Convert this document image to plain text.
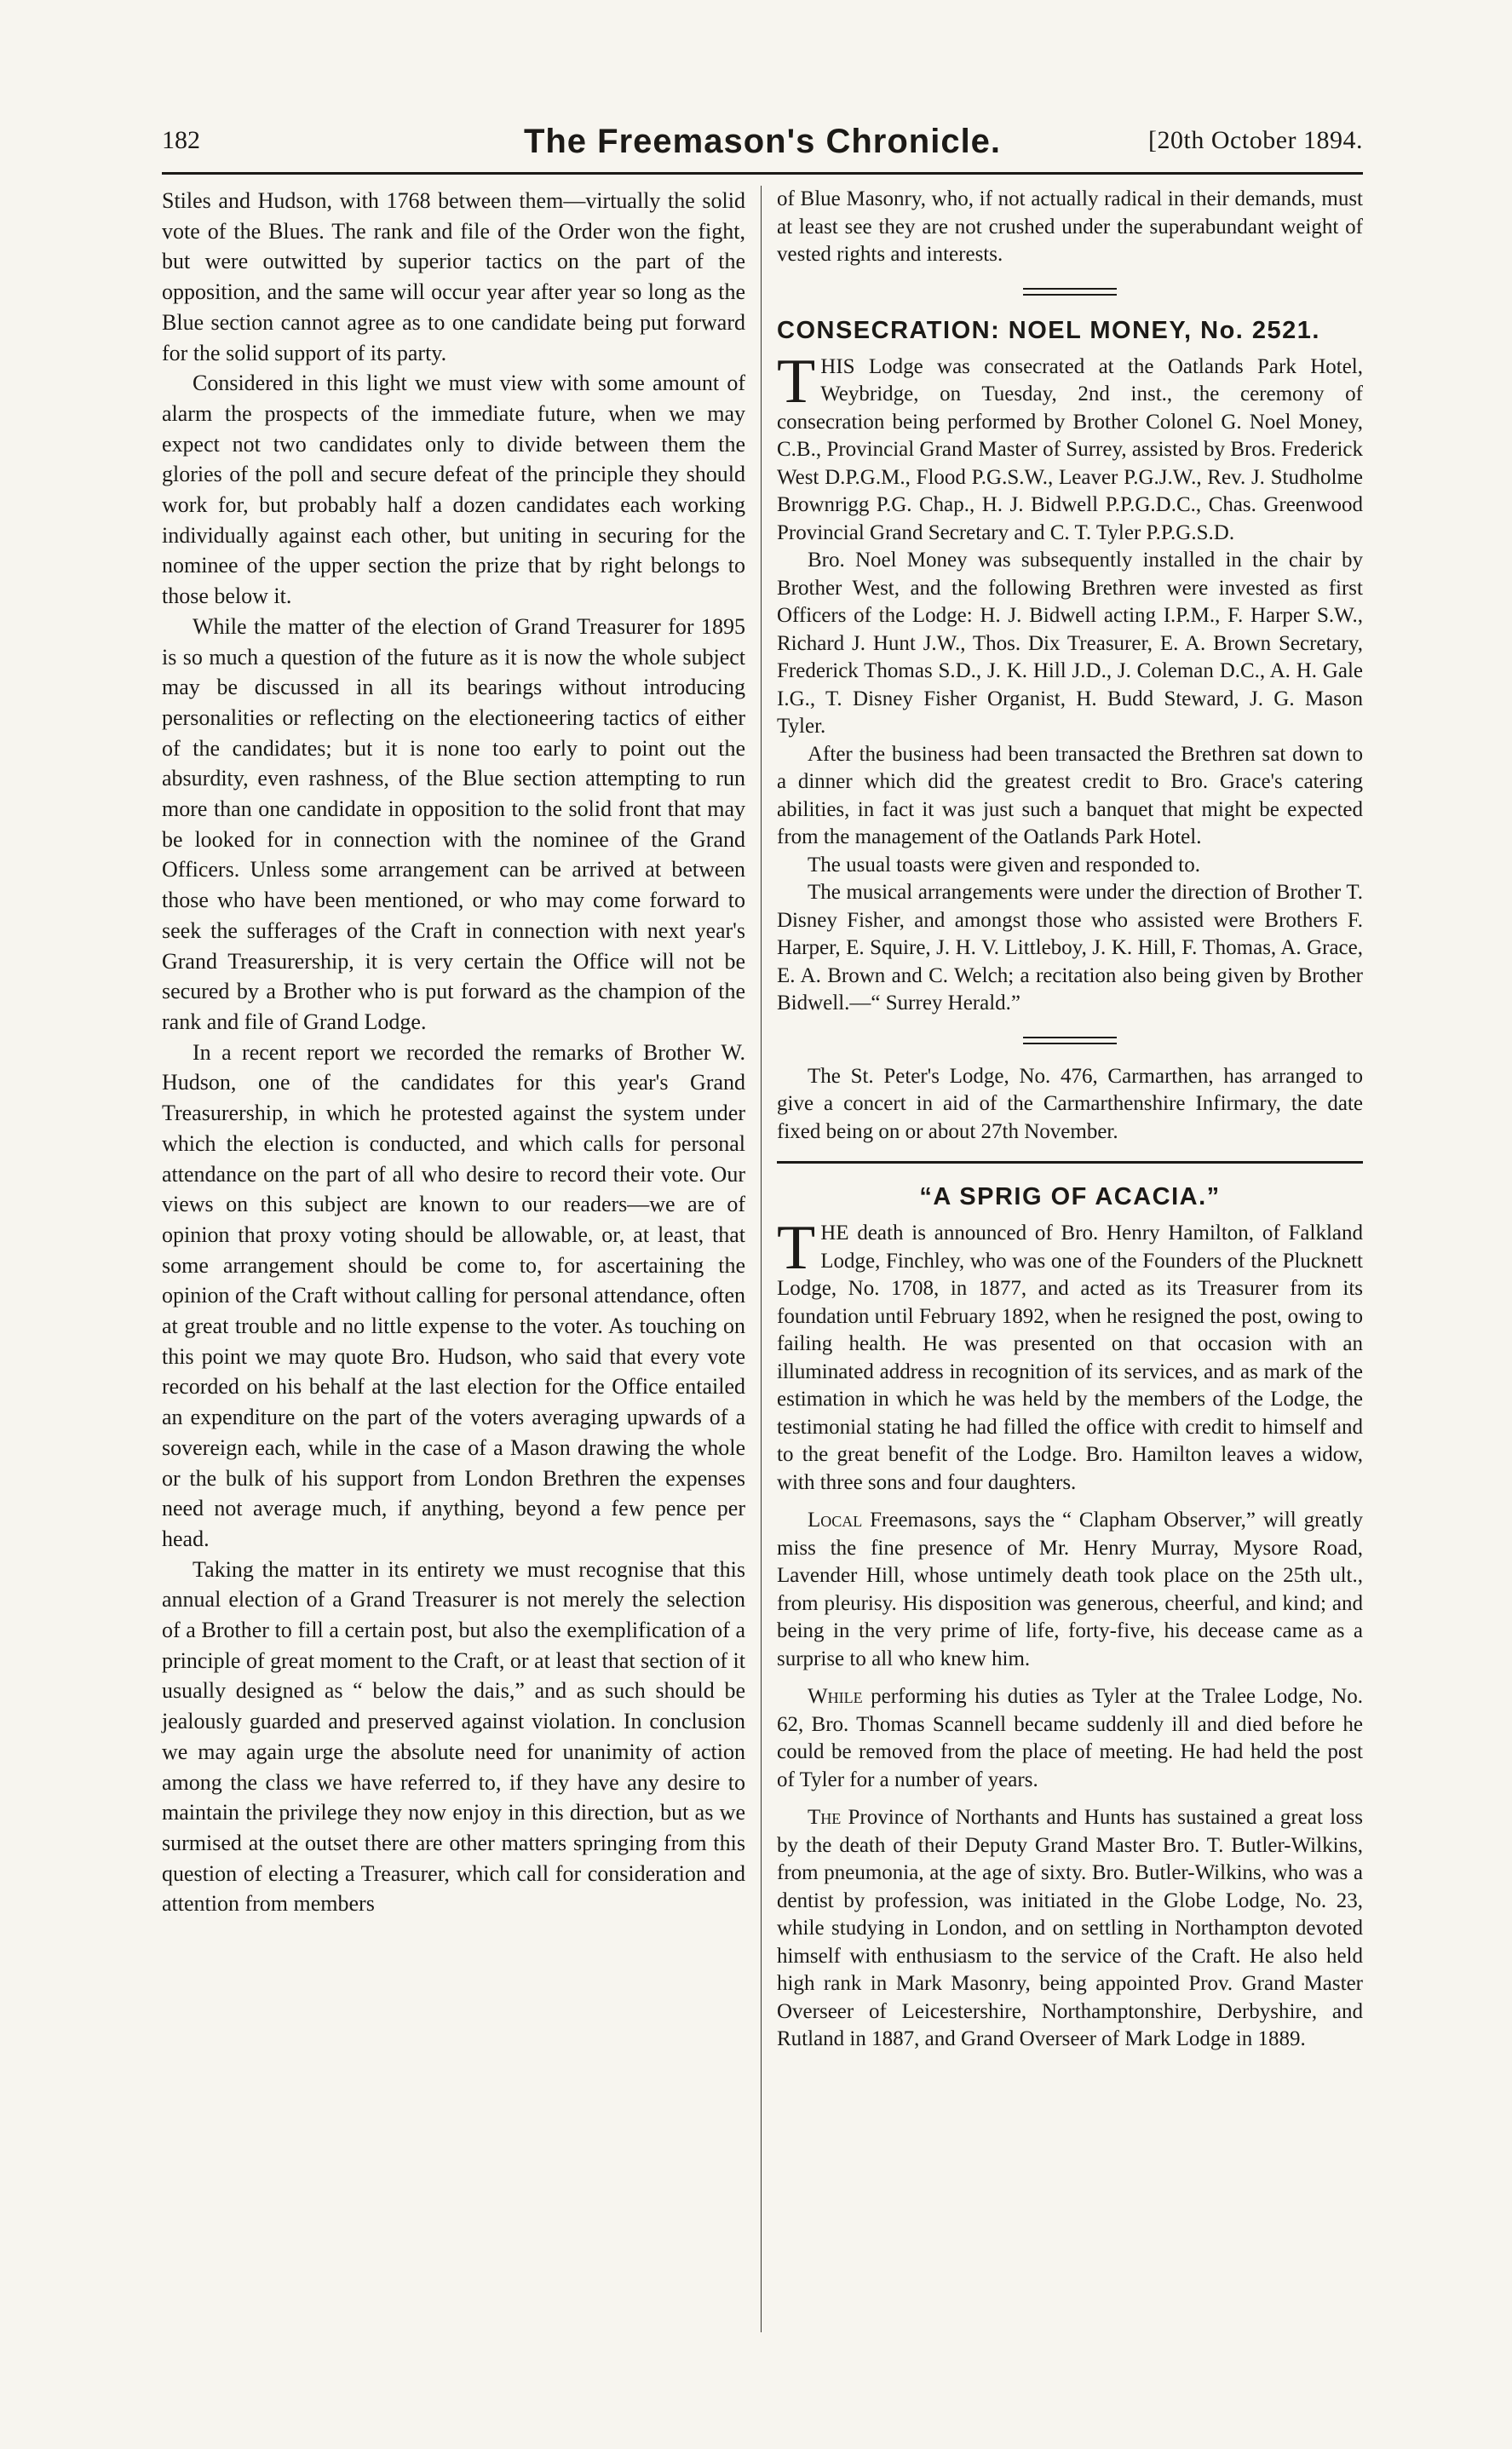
182	The Freemason's Chronicle.	[20th October 1894.

Stiles and Hudson, with 1768 between them—virtually the solid vote of the Blues. The rank and file of the Order won the fight, but were outwitted by superior tactics on the part of the opposition, and the same will occur year after year so long as the Blue section cannot agree as to one candidate being put forward for the solid support of its party.

Considered in this light we must view with some amount of alarm the prospects of the immediate future, when we may expect not two candidates only to divide between them the glories of the poll and secure defeat of the principle they should work for, but probably half a dozen candidates each working individually against each other, but uniting in securing for the nominee of the upper section the prize that by right belongs to those below it.

While the matter of the election of Grand Treasurer for 1895 is so much a question of the future as it is now the whole subject may be discussed in all its bearings without introducing personalities or reflecting on the electioneering tactics of either of the candidates; but it is none too early to point out the absurdity, even rashness, of the Blue section attempting to run more than one candidate in opposition to the solid front that may be looked for in connection with the nominee of the Grand Officers. Unless some arrangement can be arrived at between those who have been mentioned, or who may come forward to seek the sufferages of the Craft in connection with next year's Grand Treasurership, it is very certain the Office will not be secured by a Brother who is put forward as the champion of the rank and file of Grand Lodge.

In a recent report we recorded the remarks of Brother W. Hudson, one of the candidates for this year's Grand Treasurership, in which he protested against the system under which the election is conducted, and which calls for personal attendance on the part of all who desire to record their vote. Our views on this subject are known to our readers—we are of opinion that proxy voting should be allowable, or, at least, that some arrangement should be come to, for ascertaining the opinion of the Craft without calling for personal attendance, often at great trouble and no little expense to the voter. As touching on this point we may quote Bro. Hudson, who said that every vote recorded on his behalf at the last election for the Office entailed an expenditure on the part of the voters averaging upwards of a sovereign each, while in the case of a Mason drawing the whole or the bulk of his support from London Brethren the expenses need not average much, if anything, beyond a few pence per head.

Taking the matter in its entirety we must recognise that this annual election of a Grand Treasurer is not merely the selection of a Brother to fill a certain post, but also the exemplification of a principle of great moment to the Craft, or at least that section of it usually designed as “ below the dais,” and as such should be jealously guarded and preserved against violation. In conclusion we may again urge the absolute need for unanimity of action among the class we have referred to, if they have any desire to maintain the privilege they now enjoy in this direction, but as we surmised at the outset there are other matters springing from this question of electing a Treasurer, which call for consideration and attention from members

of Blue Masonry, who, if not actually radical in their demands, must at least see they are not crushed under the superabundant weight of vested rights and interests.

CONSECRATION: NOEL MONEY, No. 2521.

THIS Lodge was consecrated at the Oatlands Park Hotel, Weybridge, on Tuesday, 2nd inst., the ceremony of consecration being performed by Brother Colonel G. Noel Money, C.B., Provincial Grand Master of Surrey, assisted by Bros. Frederick West D.P.G.M., Flood P.G.S.W., Leaver P.G.J.W., Rev. J. Studholme Brownrigg P.G. Chap., H. J. Bidwell P.P.G.D.C., Chas. Greenwood Provincial Grand Secretary and C. T. Tyler P.P.G.S.D.

Bro. Noel Money was subsequently installed in the chair by Brother West, and the following Brethren were invested as first Officers of the Lodge: H. J. Bidwell acting I.P.M., F. Harper S.W., Richard J. Hunt J.W., Thos. Dix Treasurer, E. A. Brown Secretary, Frederick Thomas S.D., J. K. Hill J.D., J. Coleman D.C., A. H. Gale I.G., T. Disney Fisher Organist, H. Budd Steward, J. G. Mason Tyler.

After the business had been transacted the Brethren sat down to a dinner which did the greatest credit to Bro. Grace's catering abilities, in fact it was just such a banquet that might be expected from the management of the Oatlands Park Hotel.

The usual toasts were given and responded to.

The musical arrangements were under the direction of Brother T. Disney Fisher, and amongst those who assisted were Brothers F. Harper, E. Squire, J. H. V. Littleboy, J. K. Hill, F. Thomas, A. Grace, E. A. Brown and C. Welch; a recitation also being given by Brother Bidwell.—“ Surrey Herald.”

The St. Peter's Lodge, No. 476, Carmarthen, has arranged to give a concert in aid of the Carmarthenshire Infirmary, the date fixed being on or about 27th November.

“A SPRIG OF ACACIA.”

THE death is announced of Bro. Henry Hamilton, of Falkland Lodge, Finchley, who was one of the Founders of the Plucknett Lodge, No. 1708, in 1877, and acted as its Treasurer from its foundation until February 1892, when he resigned the post, owing to failing health. He was presented on that occasion with an illuminated address in recognition of its services, and as mark of the estimation in which he was held by the members of the Lodge, the testimonial stating he had filled the office with credit to himself and to the great benefit of the Lodge. Bro. Hamilton leaves a widow, with three sons and four daughters.

Local Freemasons, says the “ Clapham Observer,” will greatly miss the fine presence of Mr. Henry Murray, Mysore Road, Lavender Hill, whose untimely death took place on the 25th ult., from pleurisy. His disposition was generous, cheerful, and kind; and being in the very prime of life, forty-five, his decease came as a surprise to all who knew him.

While performing his duties as Tyler at the Tralee Lodge, No. 62, Bro. Thomas Scannell became suddenly ill and died before he could be removed from the place of meeting. He had held the post of Tyler for a number of years.

The Province of Northants and Hunts has sustained a great loss by the death of their Deputy Grand Master Bro. T. Butler-Wilkins, from pneumonia, at the age of sixty. Bro. Butler-Wilkins, who was a dentist by profession, was initiated in the Globe Lodge, No. 23, while studying in London, and on settling in Northampton devoted himself with enthusiasm to the service of the Craft. He also held high rank in Mark Masonry, being appointed Prov. Grand Master Overseer of Leicestershire, Northamptonshire, Derbyshire, and Rutland in 1887, and Grand Overseer of Mark Lodge in 1889.
